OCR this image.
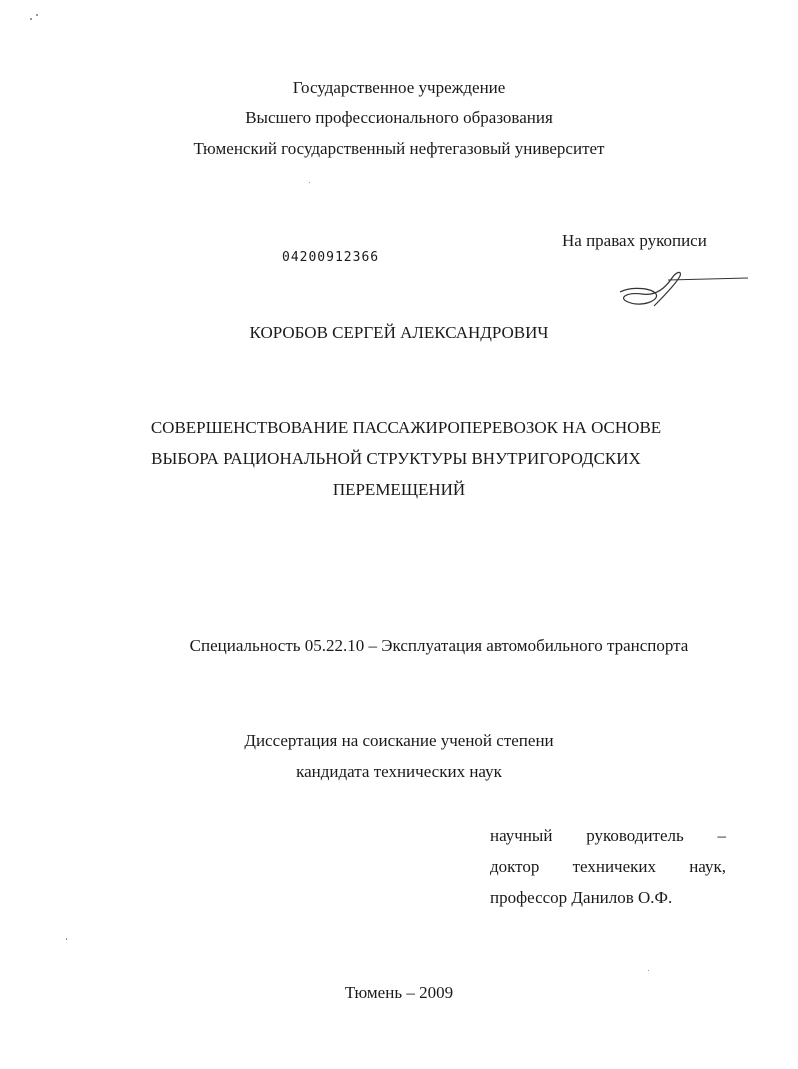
Государственное учреждение
Высшего профессионального образования
Тюменский государственный нефтегазовый университет
На правах рукописи
04200912366
КОРОБОВ СЕРГЕЙ АЛЕКСАНДРОВИЧ
СОВЕРШЕНСТВОВАНИЕ ПАССАЖИРОПЕРЕВОЗОК НА ОСНОВЕ
ВЫБОРА РАЦИОНАЛЬНОЙ СТРУКТУРЫ ВНУТРИГОРОДСКИХ
ПЕРЕМЕЩЕНИЙ
Специальность 05.22.10 – Эксплуатация автомобильного транспорта
Диссертация на соискание ученой степени
кандидата технических наук
научный руководитель –
доктор техничеких наук,
профессор Данилов О.Ф.
Тюмень – 2009
